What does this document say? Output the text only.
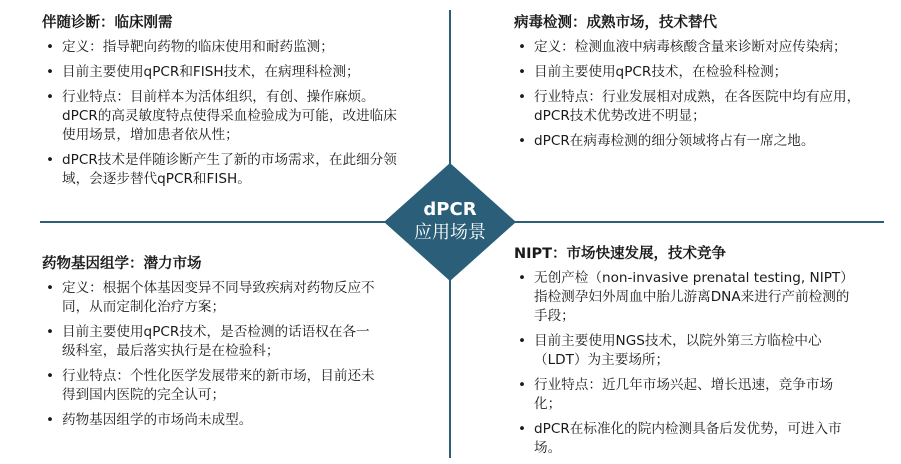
dPCR
应用场景
伴随诊断：临床刚需
• 定义：指导靶向药物的临床使用和耐药监测；
• 目前主要使用qPCR和FISH技术，在病理科检测；
• 行业特点：目前样本为活体组织，有创、操作麻烦。dPCR的高灵敏度特点使得采血检验成为可能，改进临床使用场景，增加患者依从性；
• dPCR技术是伴随诊断产生了新的市场需求，在此细分领域，会逐步替代qPCR和FISH。
病毒检测：成熟市场，技术替代
• 定义：检测血液中病毒核酸含量来诊断对应传染病；
• 目前主要使用qPCR技术，在检验科检测；
• 行业特点：行业发展相对成熟，在各医院中均有应用，dPCR技术优势改进不明显；
• dPCR在病毒检测的细分领域将占有一席之地。
药物基因组学：潜力市场
• 定义：根据个体基因变异不同导致疾病对药物反应不同，从而定制化治疗方案；
• 目前主要使用qPCR技术，是否检测的话语权在各一级科室，最后落实执行是在检验科；
• 行业特点：个性化医学发展带来的新市场，目前还未得到国内医院的完全认可；
• 药物基因组学的市场尚未成型。
NIPT：市场快速发展，技术竞争
• 无创产检（non-invasive prenatal testing, NIPT）指检测孕妇外周血中胎儿游离DNA来进行产前检测的手段；
• 目前主要使用NGS技术，以院外第三方临检中心（LDT）为主要场所；
• 行业特点：近几年市场兴起、增长迅速，竞争市场化；
• dPCR在标准化的院内检测具备后发优势，可进入市场。
